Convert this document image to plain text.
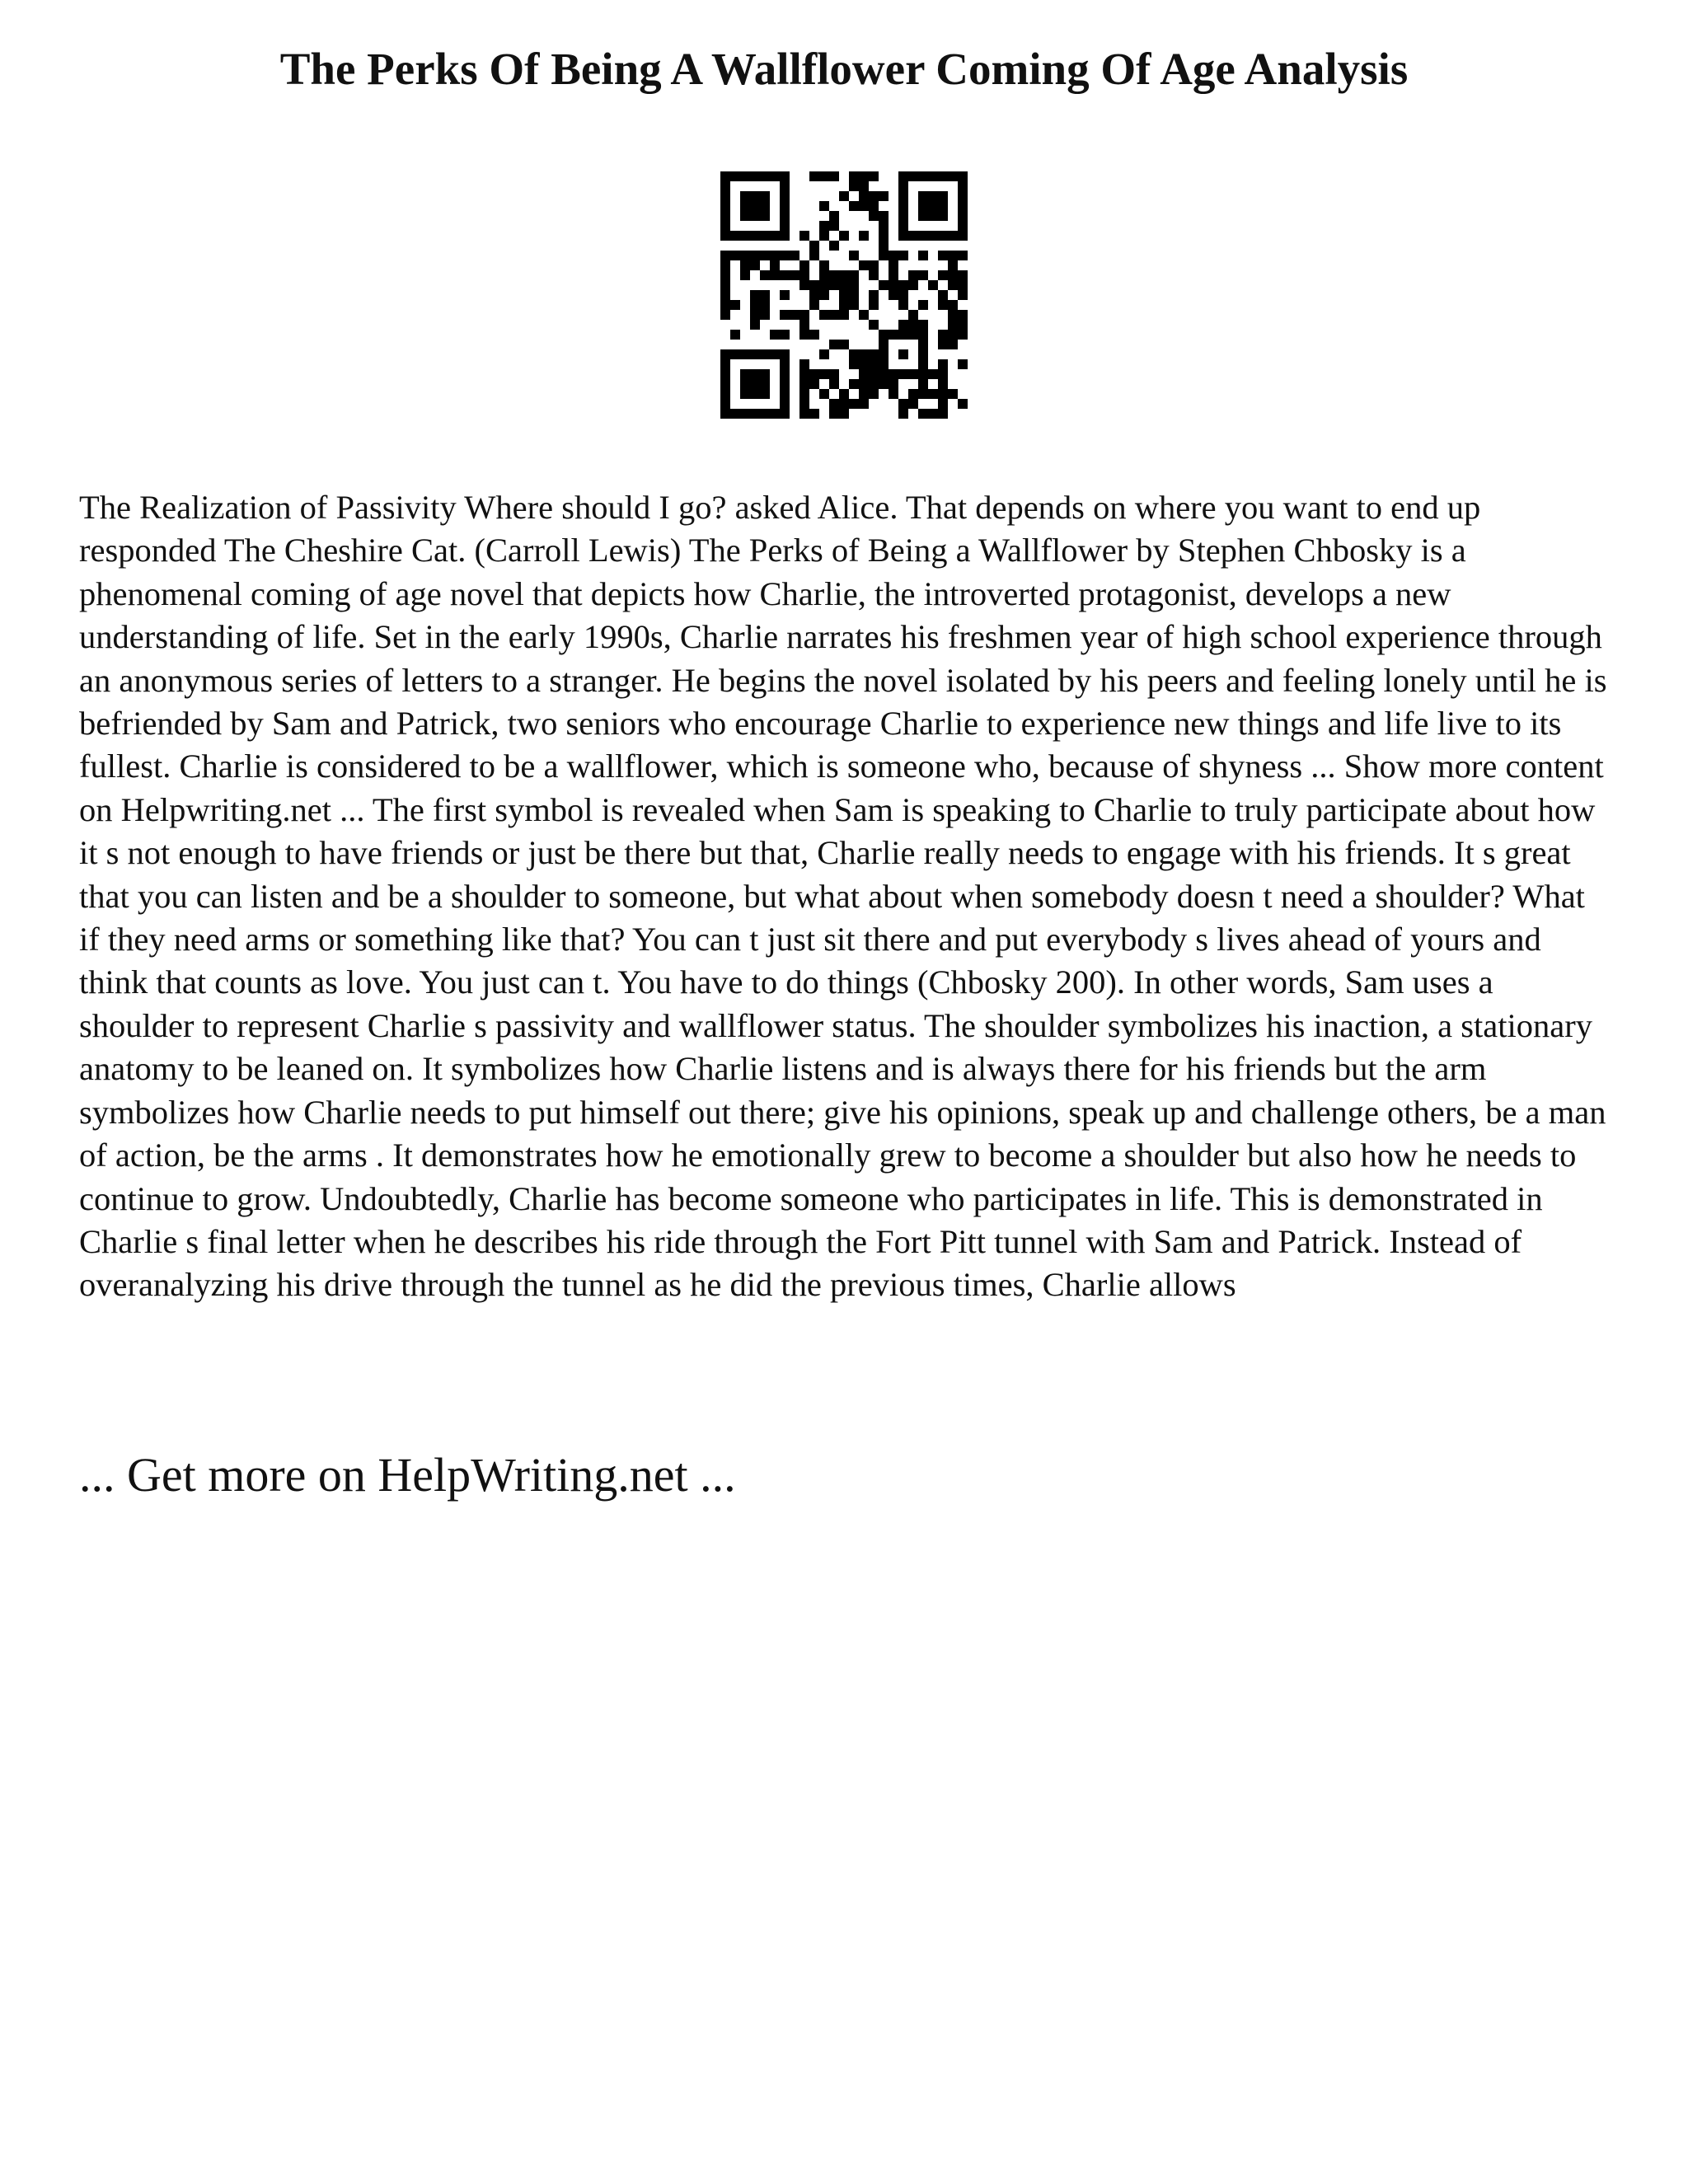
The Perks Of Being A Wallflower Coming Of Age Analysis

The Realization of Passivity Where should I go? asked Alice. That depends on where you want to end up responded The Cheshire Cat. (Carroll Lewis) The Perks of Being a Wallflower by Stephen Chbosky is a phenomenal coming of age novel that depicts how Charlie, the introverted protagonist, develops a new understanding of life. Set in the early 1990s, Charlie narrates his freshmen year of high school experience through an anonymous series of letters to a stranger. He begins the novel isolated by his peers and feeling lonely until he is befriended by Sam and Patrick, two seniors who encourage Charlie to experience new things and life live to its fullest. Charlie is considered to be a wallflower, which is someone who, because of shyness ... Show more content on Helpwriting.net ... The first symbol is revealed when Sam is speaking to Charlie to truly participate about how it s not enough to have friends or just be there but that, Charlie really needs to engage with his friends. It s great that you can listen and be a shoulder to someone, but what about when somebody doesn t need a shoulder? What if they need arms or something like that? You can t just sit there and put everybody s lives ahead of yours and think that counts as love. You just can t. You have to do things (Chbosky 200). In other words, Sam uses a shoulder to represent Charlie s passivity and wallflower status. The shoulder symbolizes his inaction, a stationary anatomy to be leaned on. It symbolizes how Charlie listens and is always there for his friends but the arm symbolizes how Charlie needs to put himself out there; give his opinions, speak up and challenge others, be a man of action, be the arms . It demonstrates how he emotionally grew to become a shoulder but also how he needs to continue to grow. Undoubtedly, Charlie has become someone who participates in life. This is demonstrated in Charlie s final letter when he describes his ride through the Fort Pitt tunnel with Sam and Patrick. Instead of overanalyzing his drive through the tunnel as he did the previous times, Charlie allows

... Get more on HelpWriting.net ...
